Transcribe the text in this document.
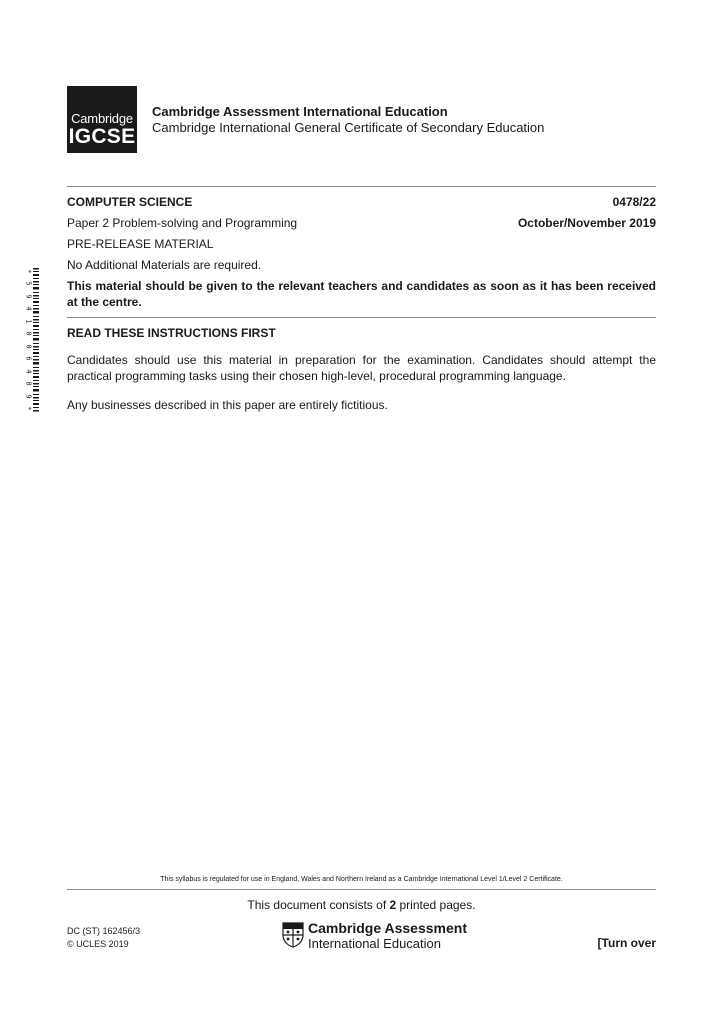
Cambridge
IGCSE
Cambridge Assessment International Education
Cambridge International General Certificate of Secondary Education
COMPUTER SCIENCE	0478/22
Paper 2 Problem-solving and Programming	October/November 2019
PRE-RELEASE MATERIAL
No Additional Materials are required.
This material should be given to the relevant teachers and candidates as soon as it has been received at the centre.
READ THESE INSTRUCTIONS FIRST
Candidates should use this material in preparation for the examination. Candidates should attempt the practical programming tasks using their chosen high-level, procedural programming language.
Any businesses described in this paper are entirely fictitious.
*
5
9
4
1
0
0
6
4
8
9
*
This syllabus is regulated for use in England, Wales and Northern Ireland as a Cambridge International Level 1/Level 2 Certificate.
This document consists of 2 printed pages.
DC (ST) 162456/3
© UCLES 2019
Cambridge Assessment
International Education	[Turn over
